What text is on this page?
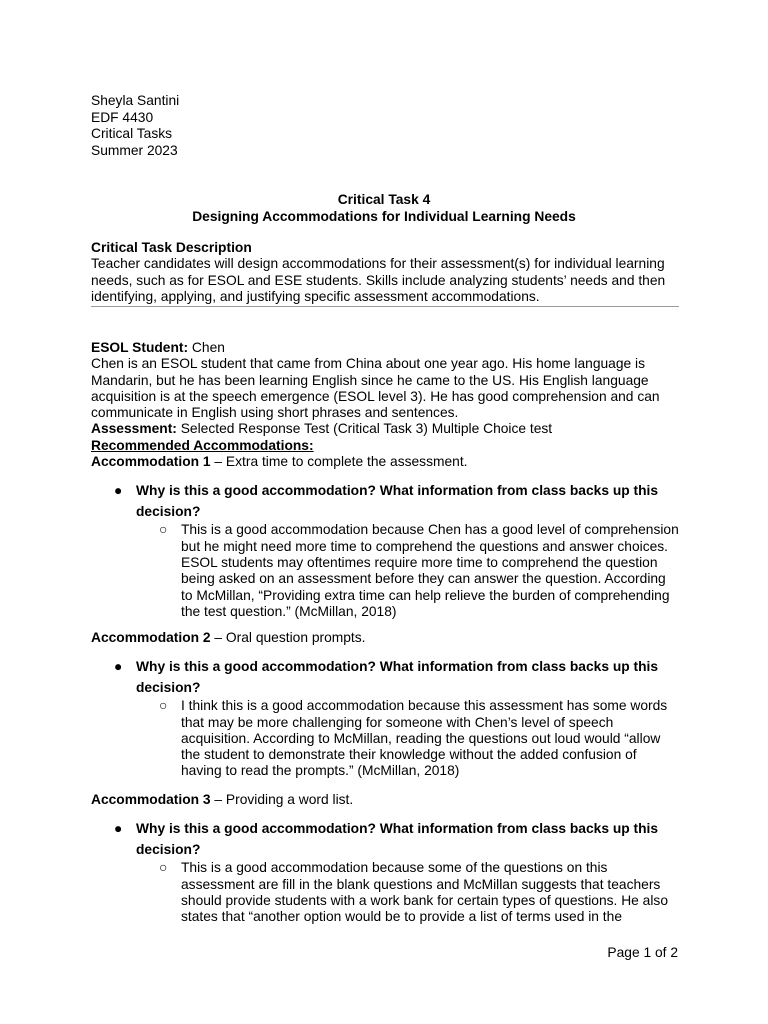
Sheyla Santini
EDF 4430
Critical Tasks
Summer 2023
Critical Task 4
Designing Accommodations for Individual Learning Needs
Critical Task Description
Teacher candidates will design accommodations for their assessment(s) for individual learning needs, such as for ESOL and ESE students. Skills include analyzing students’ needs and then identifying, applying, and justifying specific assessment accommodations.
ESOL Student: Chen
Chen is an ESOL student that came from China about one year ago. His home language is Mandarin, but he has been learning English since he came to the US. His English language acquisition is at the speech emergence (ESOL level 3). He has good comprehension and can communicate in English using short phrases and sentences.
Assessment: Selected Response Test (Critical Task 3) Multiple Choice test
Recommended Accommodations:
Accommodation 1 – Extra time to complete the assessment.
● Why is this a good accommodation? What information from class backs up this decision?
○ This is a good accommodation because Chen has a good level of comprehension but he might need more time to comprehend the questions and answer choices. ESOL students may oftentimes require more time to comprehend the question being asked on an assessment before they can answer the question. According to McMillan, “Providing extra time can help relieve the burden of comprehending the test question.” (McMillan, 2018)
Accommodation 2 – Oral question prompts.
● Why is this a good accommodation? What information from class backs up this decision?
○ I think this is a good accommodation because this assessment has some words that may be more challenging for someone with Chen’s level of speech acquisition. According to McMillan, reading the questions out loud would “allow the student to demonstrate their knowledge without the added confusion of having to read the prompts.” (McMillan, 2018)
Accommodation 3 – Providing a word list.
● Why is this a good accommodation? What information from class backs up this decision?
○ This is a good accommodation because some of the questions on this assessment are fill in the blank questions and McMillan suggests that teachers should provide students with a work bank for certain types of questions. He also states that “another option would be to provide a list of terms used in the
Page 1 of 2
